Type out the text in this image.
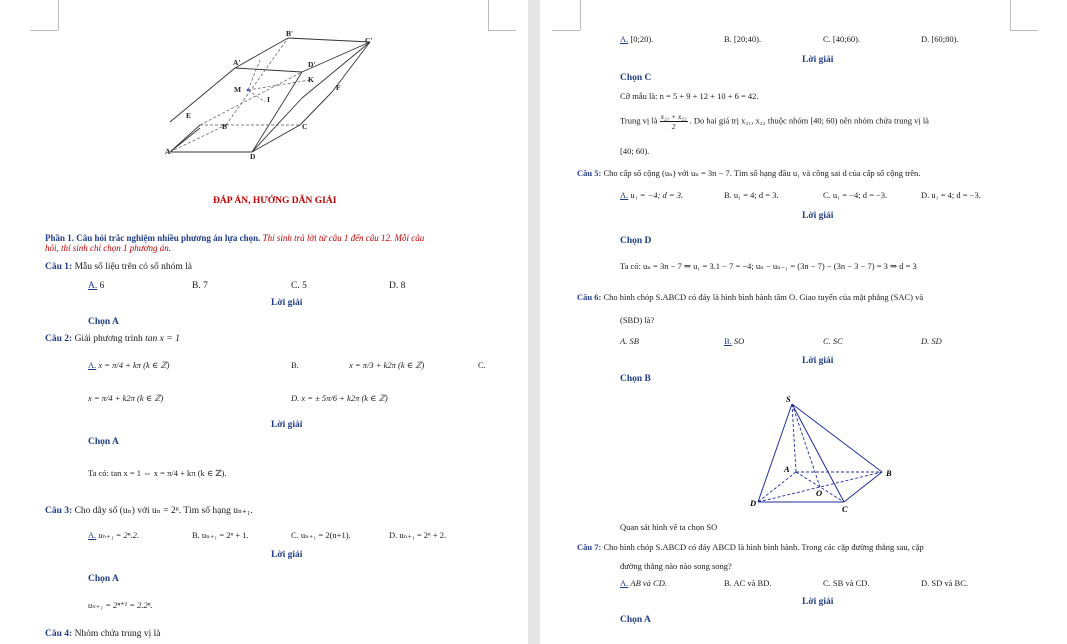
B'
C'
A'	D'
M
K
F
I
E
B	C
A
D
ĐÁP ÁN, HƯỚNG DẪN GIẢI
Phần 1. Câu hỏi trắc nghiệm nhiều phương án lựa chọn. Thí sinh trả lời từ câu 1 đến câu 12. Mỗi câu
hỏi, thí sinh chỉ chọn 1 phương án.
Câu 1: Mẫu số liệu trên có số nhóm là
A. 6	B. 7	C. 5	D. 8
Lời giải
Chọn A
Câu 2: Giải phương trình tan x = 1
A. x = π/4 + kπ (k ∈ ℤ)	B.	x = π/3 + k2π (k ∈ ℤ)	C.
x = π/4 + k2π (k ∈ ℤ)	D. x = ± 5π/6 + k2π (k ∈ ℤ)
Lời giải
Chọn A
Ta có: tan x = 1 ⇔ x = π/4 + kπ (k ∈ ℤ).
Câu 3: Cho dãy số (uₙ) với uₙ = 2ⁿ. Tìm số hạng uₙ₊₁.
A. uₙ₊₁ = 2ⁿ.2.	B. uₙ₊₁ = 2ⁿ + 1.	C. uₙ₊₁ = 2(n+1).	D. uₙ₊₁ = 2ⁿ + 2.
Lời giải
Chọn A
uₙ₊₁ = 2ⁿ⁺¹ = 2.2ⁿ.
Câu 4: Nhóm chứa trung vị là
A. [0;20).	B. [20;40).	C. [40;60).	D. [60;80).
Lời giải
Chọn C
Cỡ mẫu là: n = 5 + 9 + 12 + 10 + 6 = 42.
Trung vị là $\frac{\text{x₂₁ + x₂₂}}{2}$ . Do hai giá trị x₂₁, x₂₂ thuộc nhóm [40; 60) nên nhóm chứa trung vị là
[40; 60).
Câu 5: Cho cấp số cộng (uₙ) với uₙ = 3n − 7. Tìm số hạng đầu u₁ và công sai d của cấp số cộng trên.
A. u₁ = −4; d = 3.	B. u₁ = 4; d = 3.	C. u₁ = −4; d = −3.	D. u₁ = 4; d = −3.
Lời giải
Chọn D
Ta có: uₙ = 3n − 7 ⇒ u₁ = 3.1 − 7 = −4; uₙ − uₙ₋₁ = (3n − 7) − (3n − 3 − 7) = 3 ⇒ d = 3
Câu 6: Cho hình chóp S.ABCD có đáy là hình bình hành tâm O. Giao tuyến của mặt phẳng (SAC) và
(SBD) là?
A. SB	B. SO	C. SC	D. SD
Lời giải
Chọn B
S
A	B
O
D
C
Quan sát hình vẽ ta chọn SO
Câu 7: Cho hình chóp S.ABCD có đáy ABCD là hình bình hành. Trong các cặp đường thẳng sau, cặp
đường thẳng nào nào song song?
A. AB và CD.	B. AC và BD.	C. SB và CD.	D. SD và BC.
Lời giải
Chọn A
